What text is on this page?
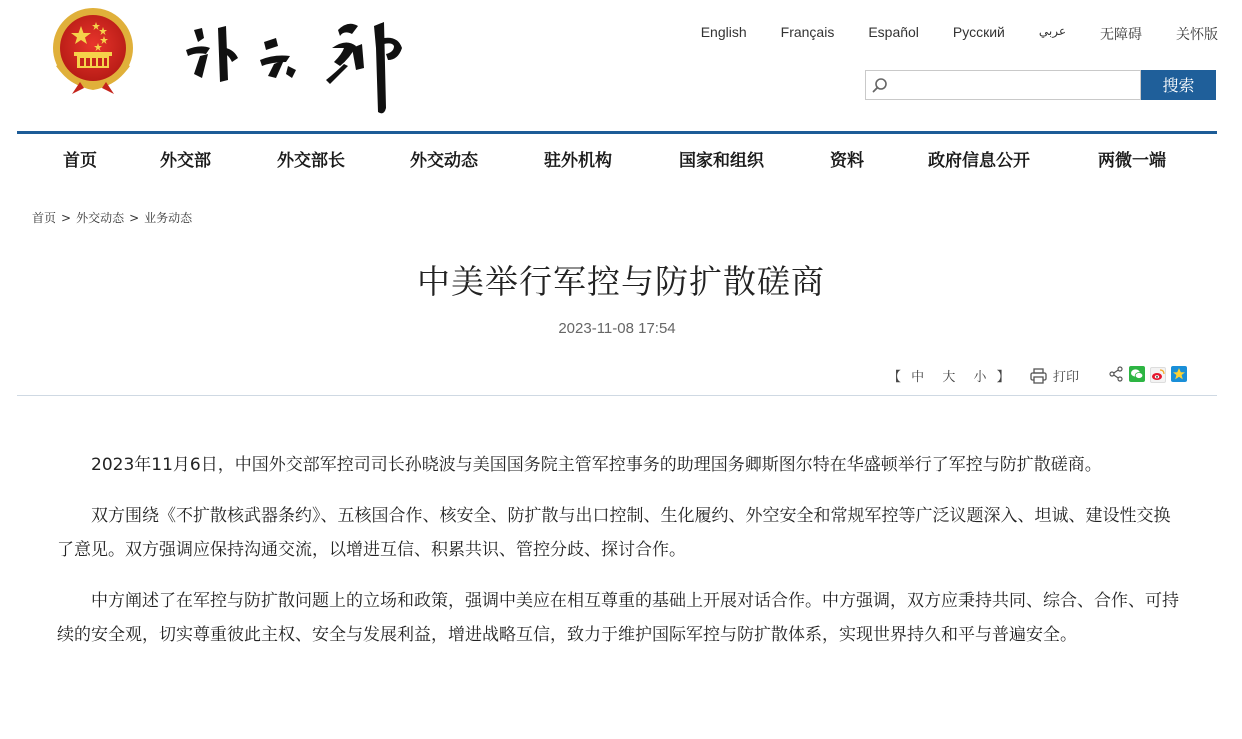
English Français Español Русский	عربي 无障碍 关怀版
搜索
首页	外交部	外交部长	外交动态	驻外机构	国家和组织	资料	政府信息公开	两微一端
首页 > 外交动态 > 业务动态
中美举行军控与防扩散磋商
2023-11-08 17:54
【 中 大 小 】	打印

2023年11月6日，中国外交部军控司司长孙晓波与美国国务院主管军控事务的助理国务卿斯图尔特在华盛顿举行了军控与防扩散磋商。

双方围绕《不扩散核武器条约》、五核国合作、核安全、防扩散与出口控制、生化履约、外空安全和常规军控等广泛议题深入、坦诚、建设性交换了意见。双方强调应保持沟通交流，以增进互信、积累共识、管控分歧、探讨合作。

中方阐述了在军控与防扩散问题上的立场和政策，强调中美应在相互尊重的基础上开展对话合作。中方强调，双方应秉持共同、综合、合作、可持续的安全观，切实尊重彼此主权、安全与发展利益，增进战略互信，致力于维护国际军控与防扩散体系，实现世界持久和平与普遍安全。
